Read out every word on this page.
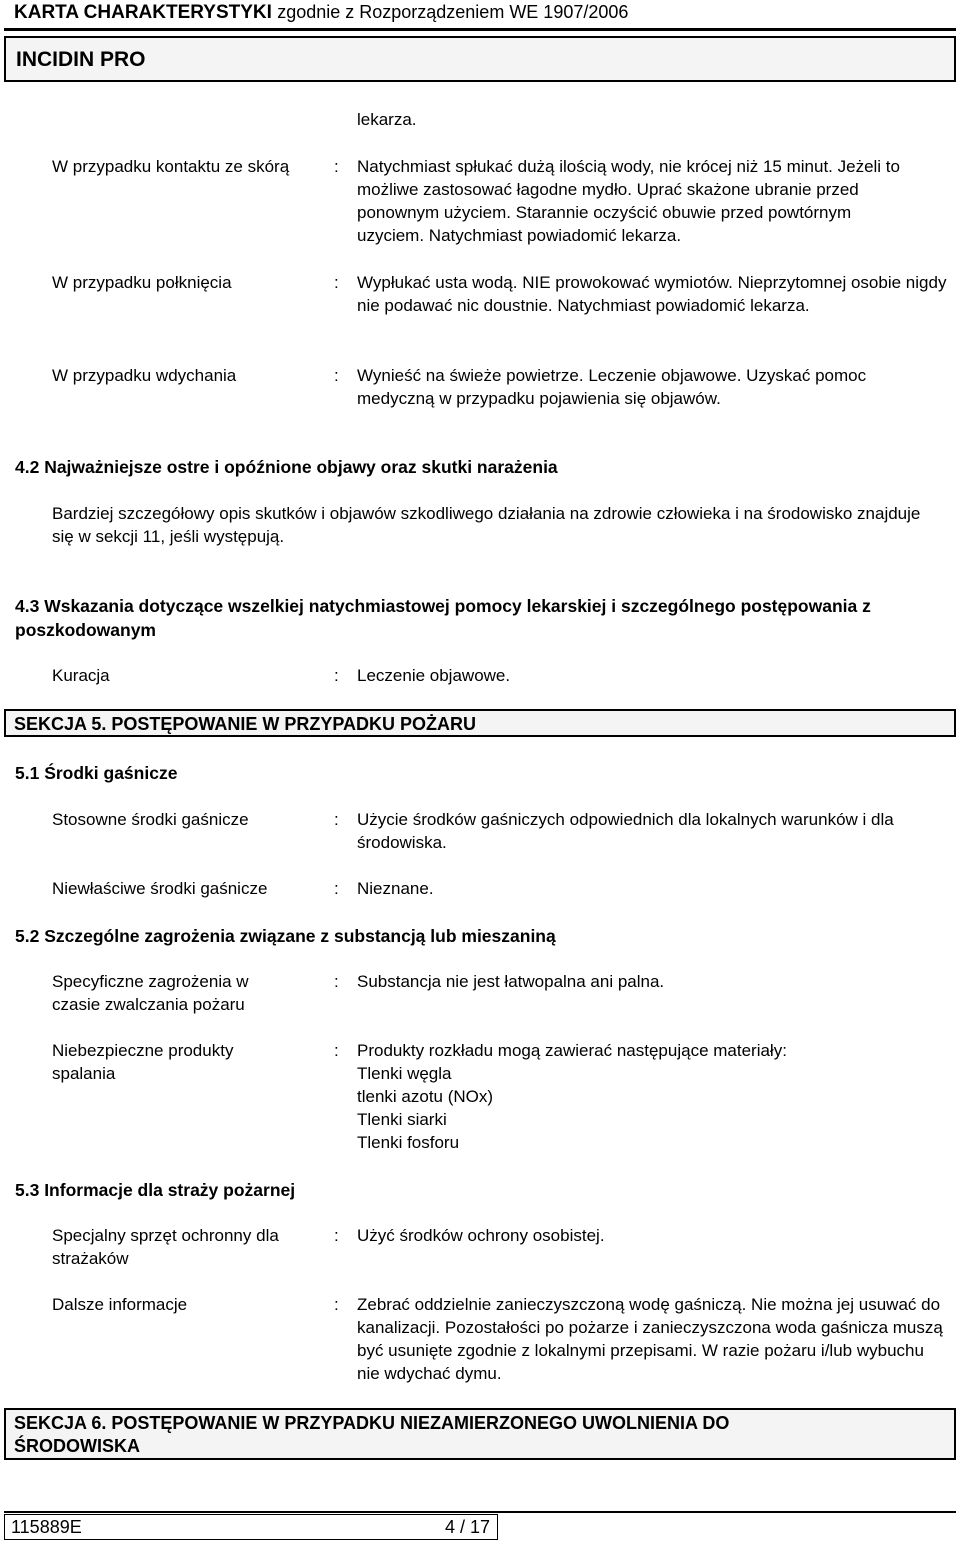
KARTA CHARAKTERYSTYKI zgodnie z Rozporządzeniem WE 1907/2006
INCIDIN PRO
lekarza.
W przypadku kontaktu ze skórą	: Natychmiast spłukać dużą ilością wody, nie krócej niż 15 minut. Jeżeli to możliwe zastosować łagodne mydło. Uprać skażone ubranie przed ponownym użyciem. Starannie oczyścić obuwie przed powtórnym uzyciem. Natychmiast powiadomić lekarza.
W przypadku połknięcia	: Wypłukać usta wodą. NIE prowokować wymiotów. Nieprzytomnej osobie nigdy nie podawać nic doustnie. Natychmiast powiadomić lekarza.
W przypadku wdychania	: Wynieść na świeże powietrze. Leczenie objawowe. Uzyskać pomoc medyczną w przypadku pojawienia się objawów.
4.2 Najważniejsze ostre i opóźnione objawy oraz skutki narażenia
Bardziej szczegółowy opis skutków i objawów szkodliwego działania na zdrowie człowieka i na środowisko znajduje się w sekcji 11, jeśli występują.
4.3 Wskazania dotyczące wszelkiej natychmiastowej pomocy lekarskiej i szczególnego postępowania z poszkodowanym
Kuracja	: Leczenie objawowe.
SEKCJA 5. POSTĘPOWANIE W PRZYPADKU POŻARU
5.1 Środki gaśnicze
Stosowne środki gaśnicze	: Użycie środków gaśniczych odpowiednich dla lokalnych warunków i dla środowiska.
Niewłaściwe środki gaśnicze	: Nieznane.
5.2 Szczególne zagrożenia związane z substancją lub mieszaniną
Specyficzne zagrożenia w czasie zwalczania pożaru
: Substancja nie jest łatwopalna ani palna.
Niebezpieczne produkty spalania
: Produkty rozkładu mogą zawierać następujące materiały:
Tlenki węgla
tlenki azotu (NOx)
Tlenki siarki
Tlenki fosforu
5.3 Informacje dla straży pożarnej
Specjalny sprzęt ochronny dla strażaków
: Użyć środków ochrony osobistej.
Dalsze informacje	: Zebrać oddzielnie zanieczyszczoną wodę gaśniczą. Nie można jej usuwać do kanalizacji. Pozostałości po pożarze i zanieczyszczona woda gaśnicza muszą być usunięte zgodnie z lokalnymi przepisami. W razie pożaru i/lub wybuchu nie wdychać dymu.
SEKCJA 6. POSTĘPOWANIE W PRZYPADKU NIEZAMIERZONEGO UWOLNIENIA DO ŚRODOWISKA
115889E	4 / 17
